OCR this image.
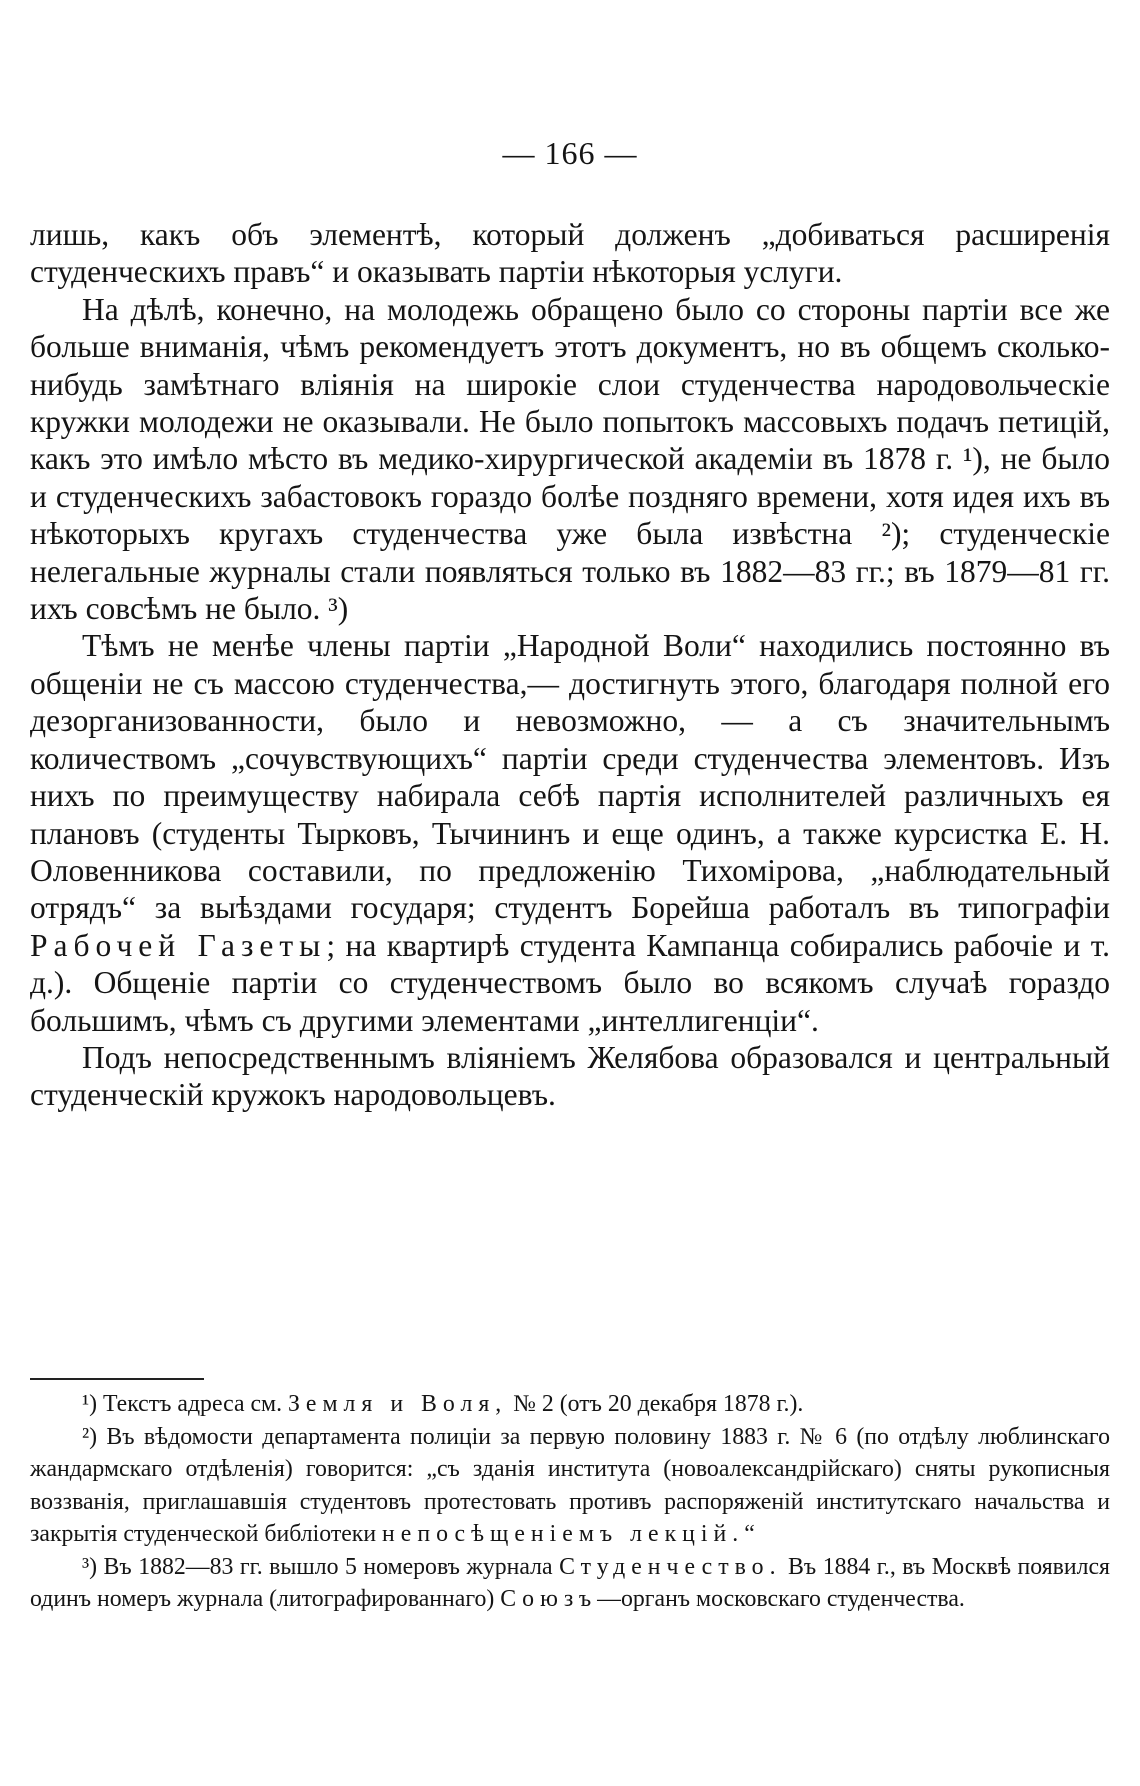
— 166 —

лишь, какъ объ элементѣ, который долженъ „добиваться расширенія студенческихъ правъ“ и оказывать партіи нѣкоторыя услуги.

На дѣлѣ, конечно, на молодежь обращено было со стороны партіи все же больше вниманія, чѣмъ рекомендуетъ этотъ документъ, но въ общемъ сколько-нибудь замѣтнаго вліянія на широкіе слои студенчества народовольческіе кружки молодежи не оказывали. Не было попытокъ массовыхъ подачъ петицій, какъ это имѣло мѣсто въ медико-хирургической академіи въ 1878 г. ¹), не было и студенческихъ забастовокъ гораздо болѣе поздняго времени, хотя идея ихъ въ нѣкоторыхъ кругахъ студенчества уже была извѣстна ²); студенческіе нелегальные журналы стали появляться только въ 1882—83 гг.; въ 1879—81 гг. ихъ совсѣмъ не было. ³)

Тѣмъ не менѣе члены партіи „Народной Воли“ находились постоянно въ общеніи не съ массою студенчества,— достигнуть этого, благодаря полной его дезорганизованности, было и невозможно, — а съ значительнымъ количествомъ „сочувствующихъ“ партіи среди студенчества элементовъ. Изъ нихъ по преимуществу набирала себѣ партія исполнителей различныхъ ея плановъ (студенты Тырковъ, Тычининъ и еще одинъ, а также курсистка Е. Н. Оловенникова составили, по предложенію Тихомірова, „наблюдательный отрядъ“ за выѣздами государя; студентъ Борейша работалъ въ типографіи Рабочей Газеты; на квартирѣ студента Кампанца собирались рабочіе и т. д.). Общеніе партіи со студенчествомъ было во всякомъ случаѣ гораздо большимъ, чѣмъ съ другими элементами „интеллигенціи“.

Подъ непосредственнымъ вліяніемъ Желябова образовался и центральный студенческій кружокъ народовольцевъ.

¹) Текстъ адреса см. Земля и Воля, № 2 (отъ 20 декабря 1878 г.).

²) Въ вѣдомости департамента полиціи за первую половину 1883 г. № 6 (по отдѣлу люблинскаго жандармскаго отдѣленія) говорится: „съ зданія института (новоалександрійскаго) сняты рукописныя воззванія, приглашавшія студентовъ протестовать противъ распоряженій институтскаго начальства и закрытія студенческой библіотеки непосѣщеніемъ лекцій.“

³) Въ 1882—83 гг. вышло 5 номеровъ журнала Студенчество. Въ 1884 г., въ Москвѣ появился одинъ номеръ журнала (литографированнаго) Союзъ—органъ московскаго студенчества.
